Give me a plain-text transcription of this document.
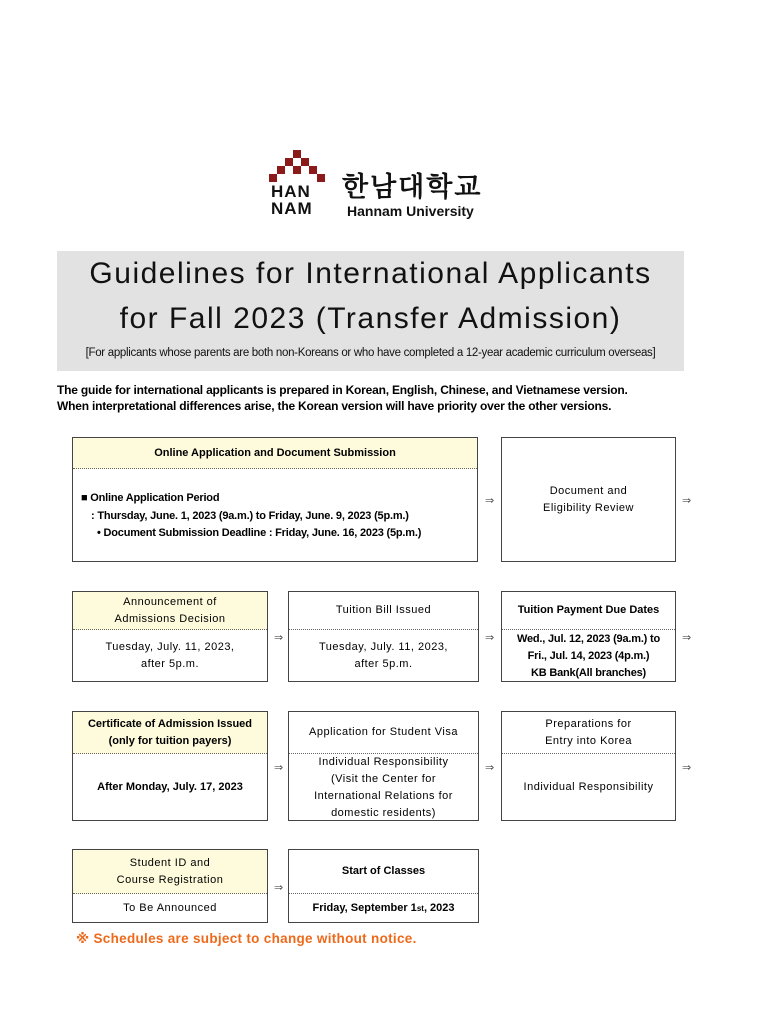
HAN
NAM
한남대학교
Hannam University
Guidelines for International Applicants
for Fall 2023 (Transfer Admission)
[For applicants whose parents are both non-Koreans or who have completed a 12-year academic curriculum overseas]
The guide for international applicants is prepared in Korean, English, Chinese, and Vietnamese version.
When interpretational differences arise, the Korean version will have priority over the other versions.
Online Application and Document Submission
■ Online Application Period
: Thursday, June. 1, 2023 (9a.m.) to Friday, June. 9, 2023 (5p.m.)
• Document Submission Deadline : Friday, June. 16, 2023 (5p.m.)
⇒
Document and
Eligibility Review
⇒
Announcement of
Admissions Decision
Tuesday, July. 11, 2023,
after 5p.m.
⇒
Tuition Bill Issued
Tuesday, July. 11, 2023,
after 5p.m.
⇒
Tuition Payment Due Dates
Wed., Jul. 12, 2023 (9a.m.) to
Fri., Jul. 14, 2023 (4p.m.)
KB Bank(All branches)
⇒
Certificate of Admission Issued
(only for tuition payers)
After Monday, July. 17, 2023
⇒
Application for Student Visa
Individual Responsibility
(Visit the Center for
International Relations for
domestic residents)
⇒
Preparations for
Entry into Korea
Individual Responsibility
⇒
Student ID and
Course Registration
To Be Announced
⇒
Start of Classes
Friday, September 1 st , 2023
※ Schedules are subject to change without notice.
